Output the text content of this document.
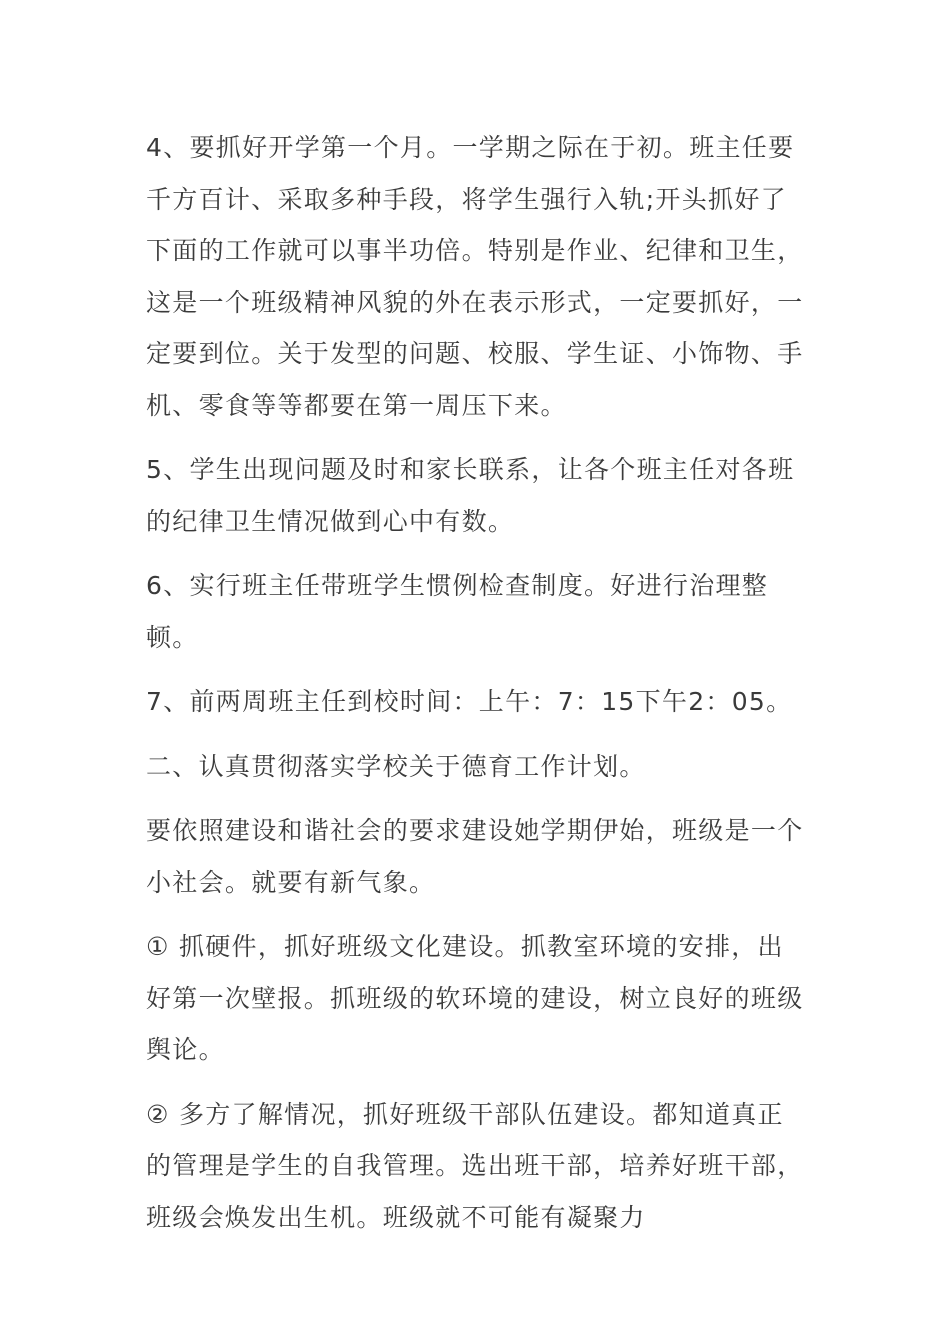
4、要抓好开学第一个月。一学期之际在于初。班主任要千方百计、采取多种手段，将学生强行入轨;开头抓好了下面的工作就可以事半功倍。特别是作业、纪律和卫生，这是一个班级精神风貌的外在表示形式，一定要抓好，一定要到位。关于发型的问题、校服、学生证、小饰物、手机、零食等等都要在第一周压下来。

5、学生出现问题及时和家长联系，让各个班主任对各班的纪律卫生情况做到心中有数。

6、实行班主任带班学生惯例检查制度。好进行治理整顿。

7、前两周班主任到校时间：上午：7：15下午2：05。

二、认真贯彻落实学校关于德育工作计划。

要依照建设和谐社会的要求建设她学期伊始，班级是一个小社会。就要有新气象。

① 抓硬件，抓好班级文化建设。抓教室环境的安排，出好第一次壁报。抓班级的软环境的建设，树立良好的班级舆论。

② 多方了解情况，抓好班级干部队伍建设。都知道真正的管理是学生的自我管理。选出班干部，培养好班干部，班级会焕发出生机。班级就不可能有凝聚力
